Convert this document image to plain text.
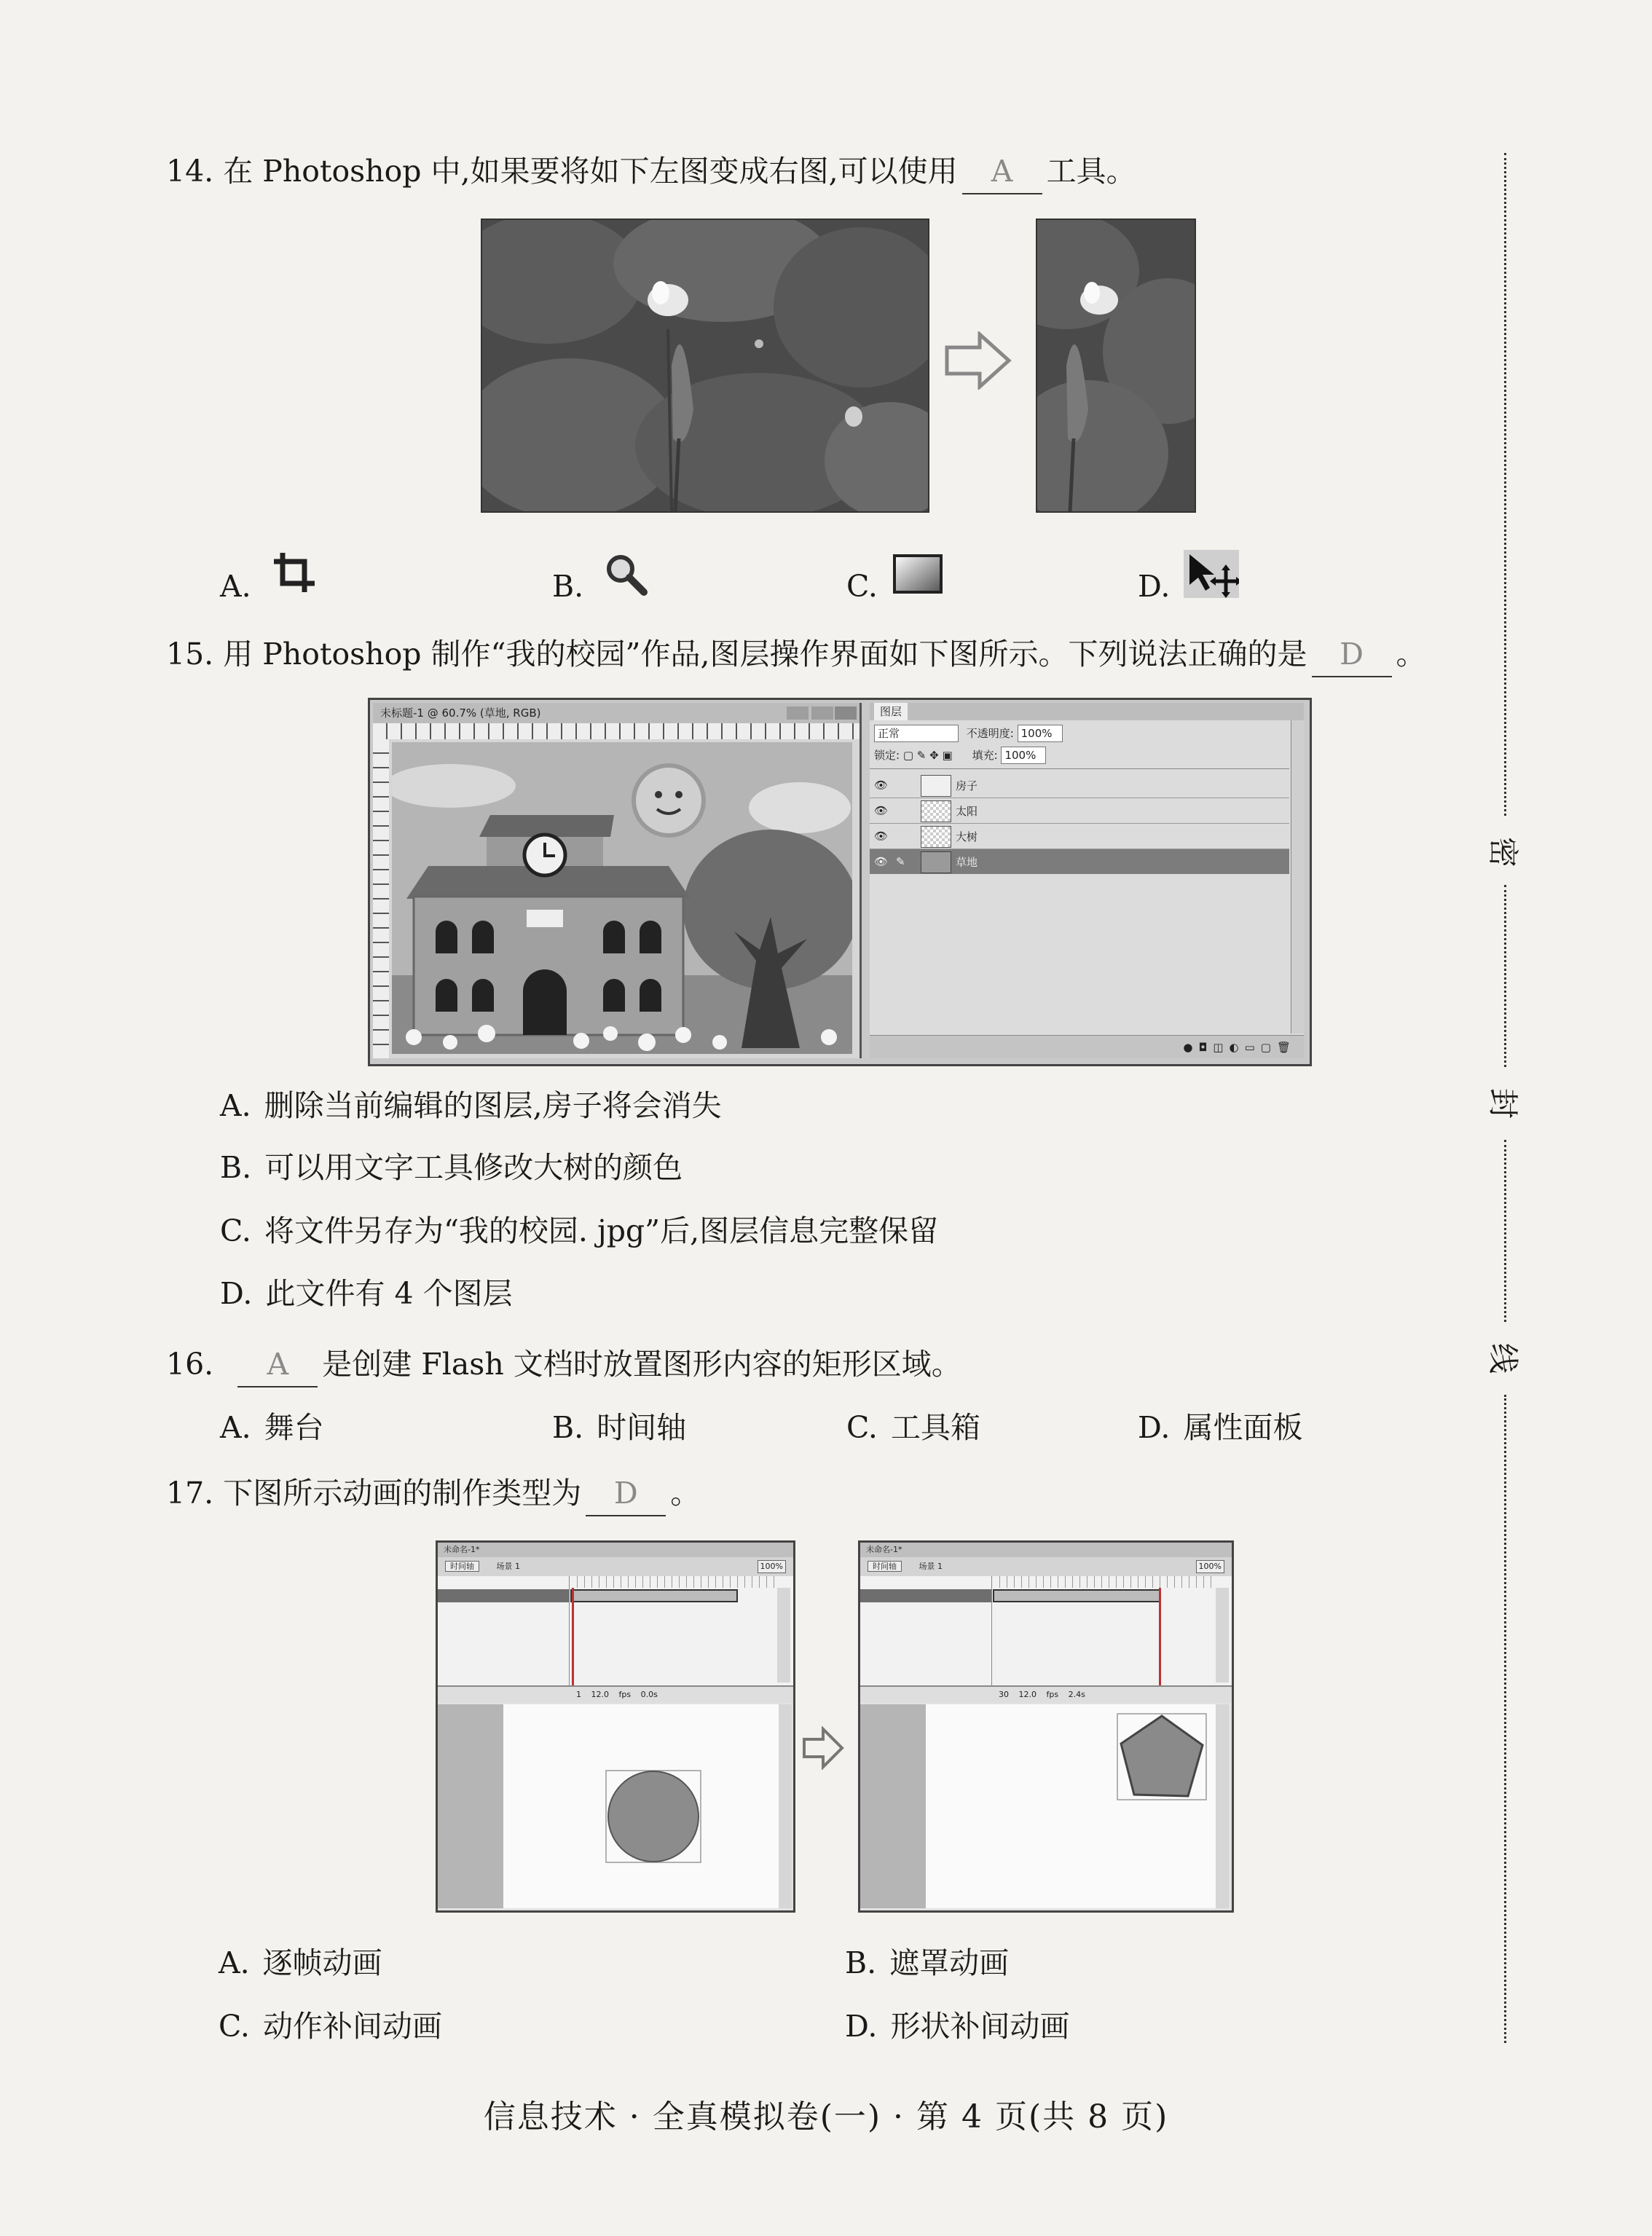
14. 在 Photoshop 中,如果要将如下左图变成右图,可以使用 A 工具。
A.	B.	C.	D.
15. 用 Photoshop 制作“我的校园”作品,图层操作界面如下图所示。下列说法正确的是 D 。
未标题-1 @ 60.7% (草地, RGB)	图层
正常	不透明度: 100%
锁定: ▢ ✎ ✥ ▣ 填充: 100%
👁	房子
👁	太阳
👁	大树
👁 ✎	草地
●◘◫◐▭▢🗑
A. 删除当前编辑的图层,房子将会消失
B. 可以用文字工具修改大树的颜色
C. 将文件另存为“我的校园. jpg”后,图层信息完整保留
D. 此文件有 4 个图层
16. A 是创建 Flash 文档时放置图形内容的矩形区域。
A. 舞台	B. 时间轴	C. 工具箱	D. 属性面板
17. 下图所示动画的制作类型为 D 。
未命名-1*
时间轴	场景 1	100%
1 12.0 fps 0.0s
未命名-1*
时间轴	场景 1	100%
30 12.0 fps 2.4s
A. 逐帧动画	B. 遮罩动画
C. 动作补间动画	D. 形状补间动画
密
封
线
信息技术 · 全真模拟卷(一) · 第 4 页(共 8 页)
